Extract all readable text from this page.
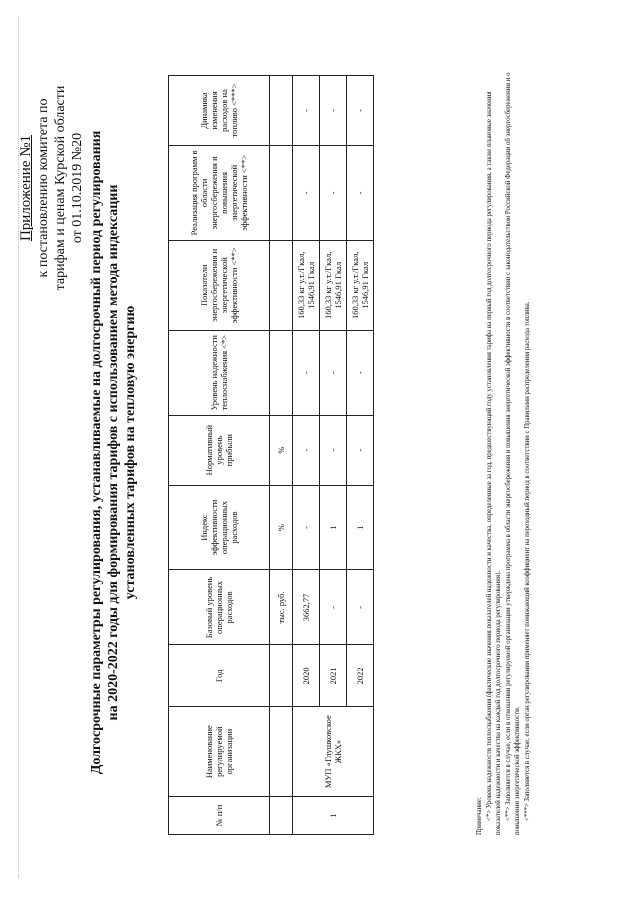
Приложение №1 к постановлению комитета по тарифам и ценам Курской области от 01.10.2019 №20 Долгосрочные параметры регулирования, устанавливаемые на долгосрочный период регулирования на 2020-2022 годы для формирования тарифов с использованием метода индексации установленных тарифов на тепловую энергию
№ п/п	Наименование регулируемой организации	Год	Базовый уровень операционных расходов	Индекс эффективности операционных расходов	Нормативный уровень прибыли	Уровень надежности теплоснабжения <*>	Показатели энергосбережения и энергетической эффективности <**>	Реализация программ в области энергосбережения и повышения энергетической эффективности <**>	Динамика изменения расходов на топливо <***>
			тыс. руб.	%	%				
1	МУП «Глушковское ЖКХ»	2020	3662,77	-	-	-	160,33 кг у.т./Гкал, 1546,91 Гкал	-	-
		2021	-	1	-	-	160,33 кг у.т./Гкал, 1546,91 Гкал	-	-
		2022	-	1	-	-	160,33 кг у.т./Гкал, 1546,91 Гкал	-	-

Примечание: <*> Уровень надежности теплоснабжения (фактические значения показателей надежности и качества, определенные за год, предшествующий году установления тарифа на первый год долгосрочного периода регулирования, а также плановые значения показателей надежности и качества на каждый год долгосрочного периода регулирования). <**> Заполняется в случае, если в отношении регулируемой организации утверждена программа в области энергосбережения и повышения энергетической эффективности в соответствии с законодательством Российской Федерации об энергосбережении и о повышении энергетической эффективности. <***> Заполняется в случае, если орган регулирования применяет понижающий коэффициент на переходный период в соответствии с Правилами распределения расхода топлива.
